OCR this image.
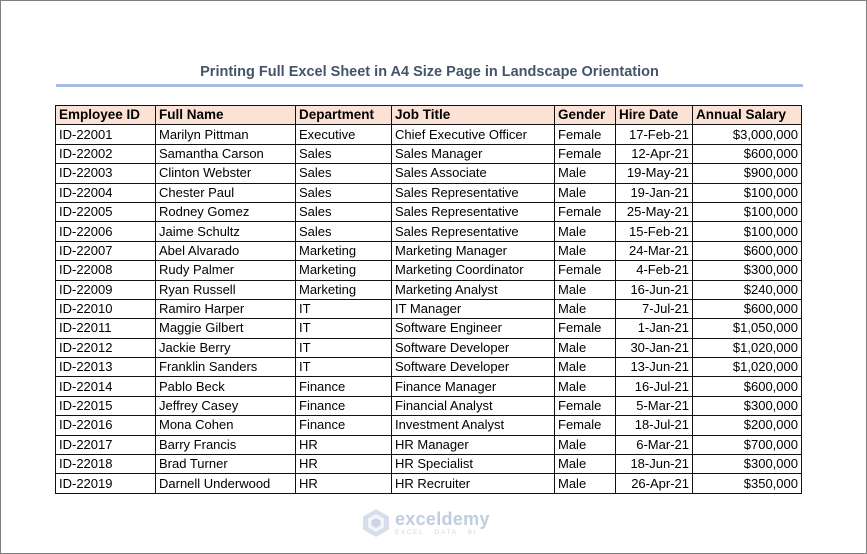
Printing Full Excel Sheet in A4 Size Page in Landscape Orientation
Employee ID	Full Name	Department	Job Title	Gender	Hire Date	Annual Salary
ID-22001	Marilyn Pittman	Executive	Chief Executive Officer	Female	17-Feb-21	$3,000,000
ID-22002	Samantha Carson	Sales	Sales Manager	Female	12-Apr-21	$600,000
ID-22003	Clinton Webster	Sales	Sales Associate	Male	19-May-21	$900,000
ID-22004	Chester Paul	Sales	Sales Representative	Male	19-Jan-21	$100,000
ID-22005	Rodney Gomez	Sales	Sales Representative	Female	25-May-21	$100,000
ID-22006	Jaime Schultz	Sales	Sales Representative	Male	15-Feb-21	$100,000
ID-22007	Abel Alvarado	Marketing	Marketing Manager	Male	24-Mar-21	$600,000
ID-22008	Rudy Palmer	Marketing	Marketing Coordinator	Female	4-Feb-21	$300,000
ID-22009	Ryan Russell	Marketing	Marketing Analyst	Male	16-Jun-21	$240,000
ID-22010	Ramiro Harper	IT	IT Manager	Male	7-Jul-21	$600,000
ID-22011	Maggie Gilbert	IT	Software Engineer	Female	1-Jan-21	$1,050,000
ID-22012	Jackie Berry	IT	Software Developer	Male	30-Jan-21	$1,020,000
ID-22013	Franklin Sanders	IT	Software Developer	Male	13-Jun-21	$1,020,000
ID-22014	Pablo Beck	Finance	Finance Manager	Male	16-Jul-21	$600,000
ID-22015	Jeffrey Casey	Finance	Financial Analyst	Female	5-Mar-21	$300,000
ID-22016	Mona Cohen	Finance	Investment Analyst	Female	18-Jul-21	$200,000
ID-22017	Barry Francis	HR	HR Manager	Male	6-Mar-21	$700,000
ID-22018	Brad Turner	HR	HR Specialist	Male	18-Jun-21	$300,000
ID-22019	Darnell Underwood	HR	HR Recruiter	Male	26-Apr-21	$350,000
exceldemy
EXCEL · DATA · BI
